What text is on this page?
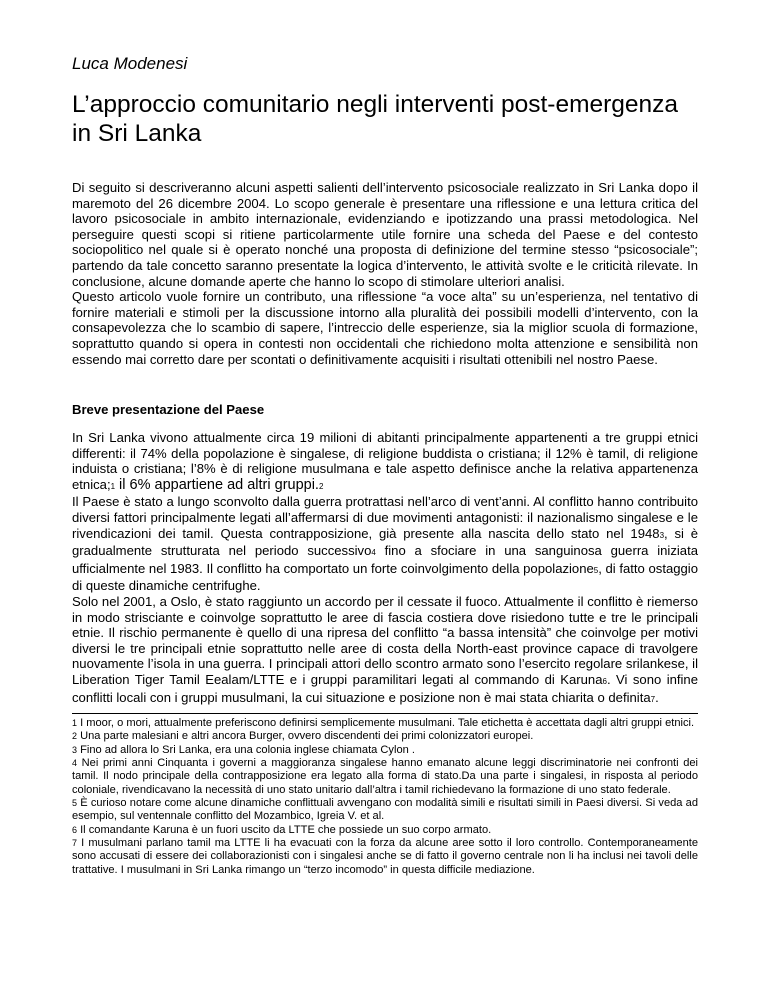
Luca Modenesi

L’approccio comunitario negli interventi post-emergenza in Sri Lanka

Di seguito si descriveranno alcuni aspetti salienti dell’intervento psicosociale realizzato in Sri Lanka dopo il maremoto del 26 dicembre 2004. Lo scopo generale è presentare una riflessione e una lettura critica del lavoro psicosociale in ambito internazionale, evidenziando e ipotizzando una prassi metodologica. Nel perseguire questi scopi si ritiene particolarmente utile fornire una scheda del Paese e del contesto sociopolitico nel quale si è operato nonché una proposta di definizione del termine stesso “psicosociale”; partendo da tale concetto saranno presentate la logica d’intervento, le attività svolte e le criticità rilevate. In conclusione, alcune domande aperte che hanno lo scopo di stimolare ulteriori analisi.

Questo articolo vuole fornire un contributo, una riflessione “a voce alta” su un’esperienza, nel tentativo di fornire materiali e stimoli per la discussione intorno alla pluralità dei possibili modelli d’intervento, con la consapevolezza che lo scambio di sapere, l’intreccio delle esperienze, sia la miglior scuola di formazione, soprattutto quando si opera in contesti non occidentali che richiedono molta attenzione e sensibilità non essendo mai corretto dare per scontati o definitivamente acquisiti i risultati ottenibili nel nostro Paese.

Breve presentazione del Paese

In Sri Lanka vivono attualmente circa 19 milioni di abitanti principalmente appartenenti a tre gruppi etnici differenti: il 74% della popolazione è singalese, di religione buddista o cristiana; il 12% è tamil, di religione induista o cristiana; l’8% è di religione musulmana e tale aspetto definisce anche la relativa appartenenza etnica;1 il 6% appartiene ad altri gruppi.2

Il Paese è stato a lungo sconvolto dalla guerra protrattasi nell’arco di vent’anni. Al conflitto hanno contribuito diversi fattori principalmente legati all’affermarsi di due movimenti antagonisti: il nazionalismo singalese e le rivendicazioni dei tamil. Questa contrapposizione, già presente alla nascita dello stato nel 19483, si è gradualmente strutturata nel periodo successivo4 fino a sfociare in una sanguinosa guerra iniziata ufficialmente nel 1983. Il conflitto ha comportato un forte coinvolgimento della popolazione5, di fatto ostaggio di queste dinamiche centrifughe.

Solo nel 2001, a Oslo, è stato raggiunto un accordo per il cessate il fuoco. Attualmente il conflitto è riemerso in modo strisciante e coinvolge soprattutto le aree di fascia costiera dove risiedono tutte e tre le principali etnie. Il rischio permanente è quello di una ripresa del conflitto “a bassa intensità” che coinvolge per motivi diversi le tre principali etnie soprattutto nelle aree di costa della North-east province capace di travolgere nuovamente l’isola in una guerra. I principali attori dello scontro armato sono l’esercito regolare srilankese, il Liberation Tiger Tamil Eealam/LTTE e i gruppi paramilitari legati al commando di Karuna6. Vi sono infine conflitti locali con i gruppi musulmani, la cui situazione e posizione non è mai stata chiarita o definita7.

1 I moor, o mori, attualmente preferiscono definirsi semplicemente musulmani. Tale etichetta è accettata dagli altri gruppi etnici.

2 Una parte malesiani e altri ancora Burger, ovvero discendenti dei primi colonizzatori europei.

3 Fino ad allora lo Sri Lanka, era una colonia inglese chiamata Cylon .

4 Nei primi anni Cinquanta i governi a maggioranza singalese hanno emanato alcune leggi discriminatorie nei confronti dei tamil. Il nodo principale della contrapposizione era legato alla forma di stato.Da una parte i singalesi, in risposta al periodo coloniale, rivendicavano la necessità di uno stato unitario dall’altra i tamil richiedevano la formazione di uno stato federale.

5 È curioso notare come alcune dinamiche conflittuali avvengano con modalità simili e risultati simili in Paesi diversi. Si veda ad esempio, sul ventennale conflitto del Mozambico, Igreia V. et al.

6 Il comandante Karuna è un fuori uscito da LTTE che possiede un suo corpo armato.

7 I musulmani parlano tamil ma LTTE li ha evacuati con la forza da alcune aree sotto il loro controllo. Contemporaneamente sono accusati di essere dei collaborazionisti con i singalesi anche se di fatto il governo centrale non li ha inclusi nei tavoli delle trattative. I musulmani in Sri Lanka rimango un “terzo incomodo” in questa difficile mediazione.
